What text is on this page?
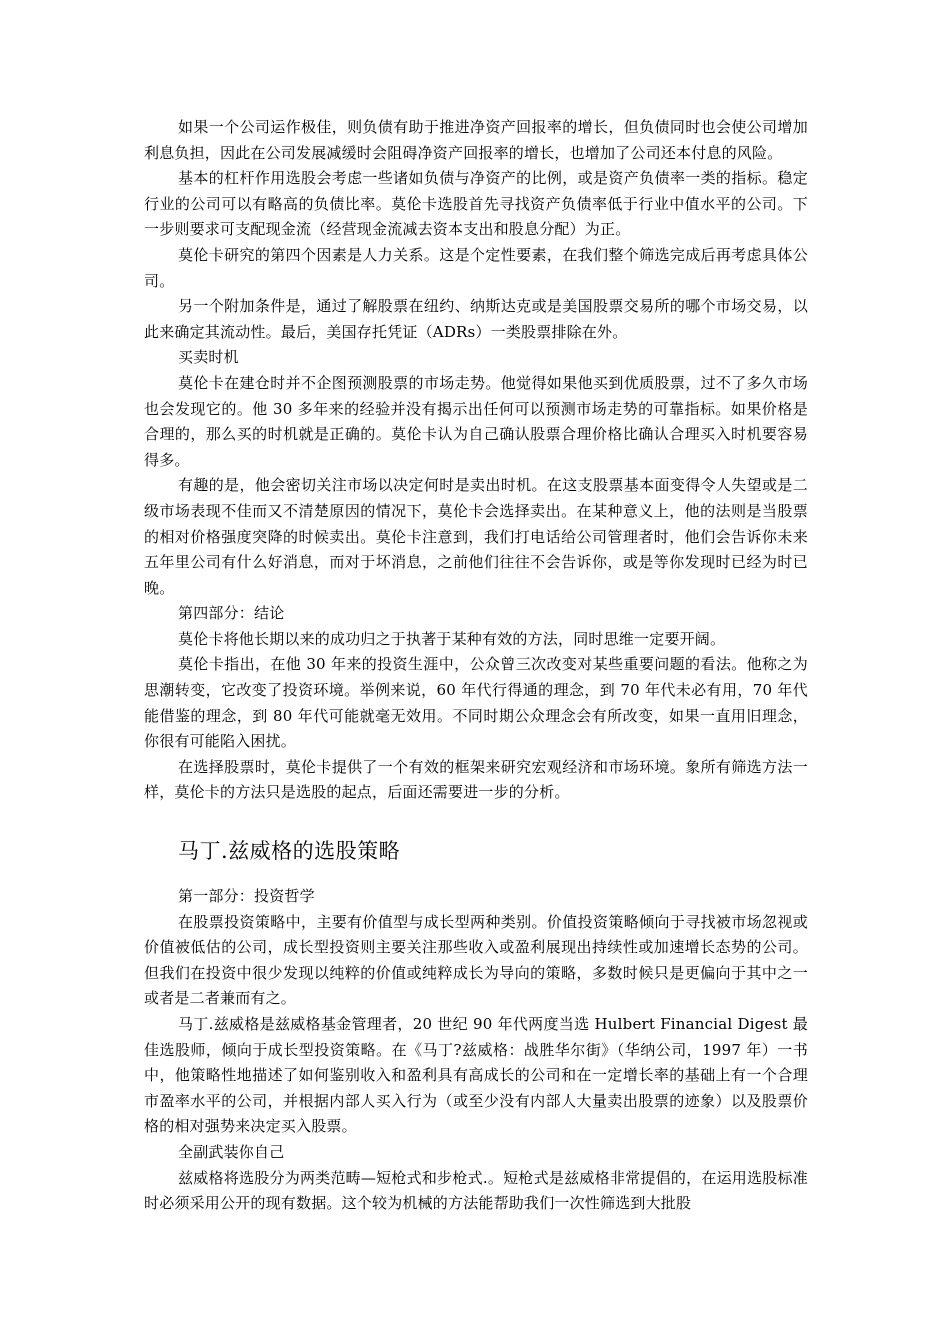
如果一个公司运作极佳，则负债有助于推进净资产回报率的增长，但负债同时也会使公司增加利息负担，因此在公司发展减缓时会阻碍净资产回报率的增长，也增加了公司还本付息的风险。

基本的杠杆作用选股会考虑一些诸如负债与净资产的比例，或是资产负债率一类的指标。稳定行业的公司可以有略高的负债比率。莫伦卡选股首先寻找资产负债率低于行业中值水平的公司。下一步则要求可支配现金流（经营现金流减去资本支出和股息分配）为正。

莫伦卡研究的第四个因素是人力关系。这是个定性要素，在我们整个筛选完成后再考虑具体公司。

另一个附加条件是，通过了解股票在纽约、纳斯达克或是美国股票交易所的哪个市场交易，以此来确定其流动性。最后，美国存托凭证（ADRs）一类股票排除在外。

买卖时机

莫伦卡在建仓时并不企图预测股票的市场走势。他觉得如果他买到优质股票，过不了多久市场也会发现它的。他 30 多年来的经验并没有揭示出任何可以预测市场走势的可靠指标。如果价格是合理的，那么买的时机就是正确的。莫伦卡认为自己确认股票合理价格比确认合理买入时机要容易得多。

有趣的是，他会密切关注市场以决定何时是卖出时机。在这支股票基本面变得令人失望或是二级市场表现不佳而又不清楚原因的情况下，莫伦卡会选择卖出。在某种意义上，他的法则是当股票的相对价格强度突降的时候卖出。莫伦卡注意到，我们打电话给公司管理者时，他们会告诉你未来五年里公司有什么好消息，而对于坏消息，之前他们往往不会告诉你，或是等你发现时已经为时已晚。

第四部分：结论

莫伦卡将他长期以来的成功归之于执著于某种有效的方法，同时思维一定要开阔。

莫伦卡指出，在他 30 年来的投资生涯中，公众曾三次改变对某些重要问题的看法。他称之为思潮转变，它改变了投资环境。举例来说，60 年代行得通的理念，到 70 年代未必有用，70 年代能借鉴的理念，到 80 年代可能就毫无效用。不同时期公众理念会有所改变，如果一直用旧理念，你很有可能陷入困扰。

在选择股票时，莫伦卡提供了一个有效的框架来研究宏观经济和市场环境。象所有筛选方法一样，莫伦卡的方法只是选股的起点，后面还需要进一步的分析。

马丁.兹威格的选股策略

第一部分：投资哲学

在股票投资策略中，主要有价值型与成长型两种类别。价值投资策略倾向于寻找被市场忽视或价值被低估的公司，成长型投资则主要关注那些收入或盈利展现出持续性或加速增长态势的公司。但我们在投资中很少发现以纯粹的价值或纯粹成长为导向的策略，多数时候只是更偏向于其中之一或者是二者兼而有之。

马丁.兹威格是兹威格基金管理者，20 世纪 90 年代两度当选 Hulbert Financial Digest 最佳选股师，倾向于成长型投资策略。在《马丁?兹威格：战胜华尔街》（华纳公司，1997 年）一书中，他策略性地描述了如何鉴别收入和盈利具有高成长的公司和在一定增长率的基础上有一个合理市盈率水平的公司，并根据内部人买入行为（或至少没有内部人大量卖出股票的迹象）以及股票价格的相对强势来决定买入股票。

全副武装你自己

兹威格将选股分为两类范畴—短枪式和步枪式.。短枪式是兹威格非常提倡的，在运用选股标准时必须采用公开的现有数据。这个较为机械的方法能帮助我们一次性筛选到大批股
